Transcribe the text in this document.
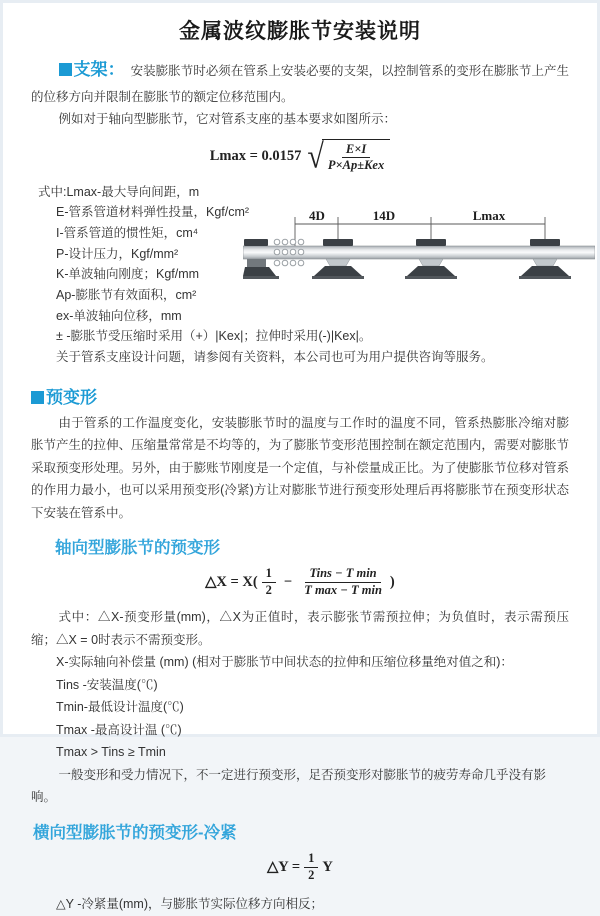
金属波纹膨胀节安装说明

支架： 安装膨胀节时必须在管系上安装必要的支架，以控制管系的变形在膨胀节上产生的位移方向并限制在膨胀节的额定位移范围内。

例如对于轴向型膨胀节，它对管系支座的基本要求如图所示：

Lmax = 0.0157 √ $\frac{E\times I}{\text{P×Ap±Kex}}$
式中:Lmax-最大导向间距，m
E-管系管道材料弹性投量，Kgf/cm²
I-管系管道的惯性矩，cm⁴
P-设计压力，Kgf/mm²
K-单波轴向刚度；Kgf/mm
Ap-膨胀节有效面积，cm²
ex-单波轴向位移，mm
4D	14D	Lmax
± -膨胀节受压缩时采用（+）|Kex|；拉伸时采用(-)|Kex|。
关于管系支座设计问题，请参阅有关资料，本公司也可为用户提供咨询等服务。
预变形

由于管系的工作温度变化，安装膨胀节时的温度与工作时的温度不同，管系热膨胀冷缩对膨胀节产生的拉伸、压缩量常常是不均等的，为了膨胀节变形范围控制在额定范围内，需要对膨胀节采取预变形处理。另外，由于膨账节刚度是一个定值，与补偿量成正比。为了使膨胀节位移对管系的作用力最小，也可以采用预变形(冷紧)方让对膨胀节进行预变形处理后再将膨胀节在预变形状态下安装在管系中。

轴向型膨胀节的预变形
△X = $X( \frac{1}{2} - \frac{\text{Tins − T min}}{\text{T max − T min}}$ )

式中：△X-预变形量(mm)，△X为正值时，表示膨张节需预拉伸；为负值时，表示需预压缩；△X = 0时表示不需预变形。

X-实际轴向补偿量 (mm) (相对于膨胀节中间状态的拉伸和压缩位移量绝对值之和)：
Tins -安装温度(℃)
Tmin-最低设计温度(℃)
Tmax -最高设计温 (℃)
Tmax > Tins ≥ Tmin
一般变形和受力情况下，不一定进行预变形，足否预变形对膨胀节的疲劳寿命几乎没有影响。
横向型膨胀节的预变形-冷紧
△Y = $\frac{1}{2}$ Y
△Y -冷紧量(mm)，与膨胀节实际位移方向相反；
